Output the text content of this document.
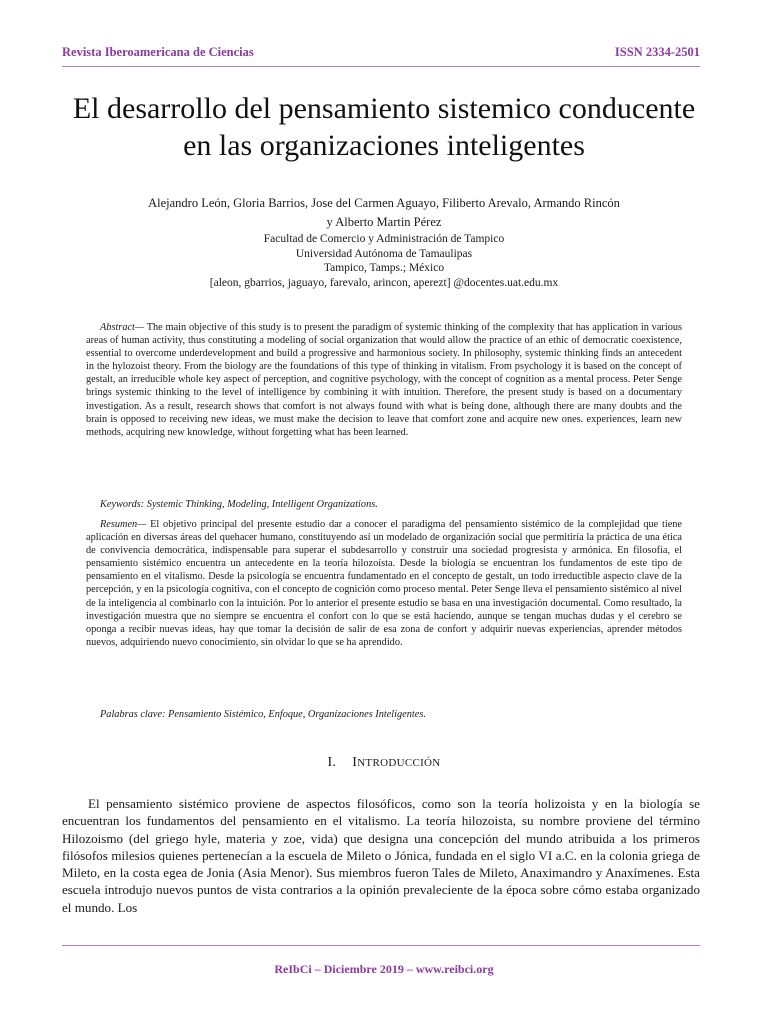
Revista Iberoamericana de Ciencias	ISSN 2334-2501
El desarrollo del pensamiento sistemico conducente
en las organizaciones inteligentes
Alejandro León, Gloria Barrios, Jose del Carmen Aguayo, Filiberto Arevalo, Armando Rincón
y Alberto Martin Pérez
Facultad de Comercio y Administración de Tampico
Universidad Autónoma de Tamaulipas
Tampico, Tamps.; México
[aleon, gbarrios, jaguayo, farevalo, arincon, aperezt] @docentes.uat.edu.mx
Abstract— The main objective of this study is to present the paradigm of systemic thinking of the complexity that has application in various areas of human activity, thus constituting a modeling of social organization that would allow the practice of an ethic of democratic coexistence, essential to overcome underdevelopment and build a progressive and harmonious society. In philosophy, systemic thinking finds an antecedent in the hylozoist theory. From the biology are the foundations of this type of thinking in vitalism. From psychology it is based on the concept of gestalt, an irreducible whole key aspect of perception, and cognitive psychology, with the concept of cognition as a mental process. Peter Senge brings systemic thinking to the level of intelligence by combining it with intuition. Therefore, the present study is based on a documentary investigation. As a result, research shows that comfort is not always found with what is being done, although there are many doubts and the brain is opposed to receiving new ideas, we must make the decision to leave that comfort zone and acquire new ones. experiences, learn new methods, acquiring new knowledge, without forgetting what has been learned.
Keywords: Systemic Thinking, Modeling, Intelligent Organizations.
Resumen— El objetivo principal del presente estudio dar a conocer el paradigma del pensamiento sistémico de la complejidad que tiene aplicación en diversas áreas del quehacer humano, constituyendo así un modelado de organización social que permitiría la práctica de una ética de convivencia democrática, indispensable para superar el subdesarrollo y construir una sociedad progresista y armónica. En filosofía, el pensamiento sistémico encuentra un antecedente en la teoría hilozoísta. Desde la biología se encuentran los fundamentos de este tipo de pensamiento en el vitalismo. Desde la psicología se encuentra fundamentado en el concepto de gestalt, un todo irreductible aspecto clave de la percepción, y en la psicología cognitiva, con el concepto de cognición como proceso mental. Peter Senge lleva el pensamiento sistémico al nivel de la inteligencia al combinarlo con la intuición. Por lo anterior el presente estudio se basa en una investigación documental. Como resultado, la investigación muestra que no siempre se encuentra el confort con lo que se está haciendo, aunque se tengan muchas dudas y el cerebro se oponga a recibir nuevas ideas, hay que tomar la decisión de salir de esa zona de confort y adquirir nuevas experiencias, aprender métodos nuevos, adquiriendo nuevo conocimiento, sin olvidar lo que se ha aprendido.
Palabras clave: Pensamiento Sistémico, Enfoque, Organizaciones Inteligentes.
I. INTRODUCCIÓN
El pensamiento sistémico proviene de aspectos filosóficos, como son la teoría holizoista y en la biología se encuentran los fundamentos del pensamiento en el vitalismo. La teoría hilozoista, su nombre proviene del término Hilozoismo (del griego hyle, materia y zoe, vida) que designa una concepción del mundo atribuida a los primeros filósofos milesios quienes pertenecían a la escuela de Mileto o Jónica, fundada en el siglo VI a.C. en la colonia griega de Mileto, en la costa egea de Jonia (Asia Menor). Sus miembros fueron Tales de Mileto, Anaximandro y Anaxímenes. Esta escuela introdujo nuevos puntos de vista contrarios a la opinión prevaleciente de la época sobre cómo estaba organizado el mundo. Los
ReIbCi – Diciembre 2019 – www.reibci.org
